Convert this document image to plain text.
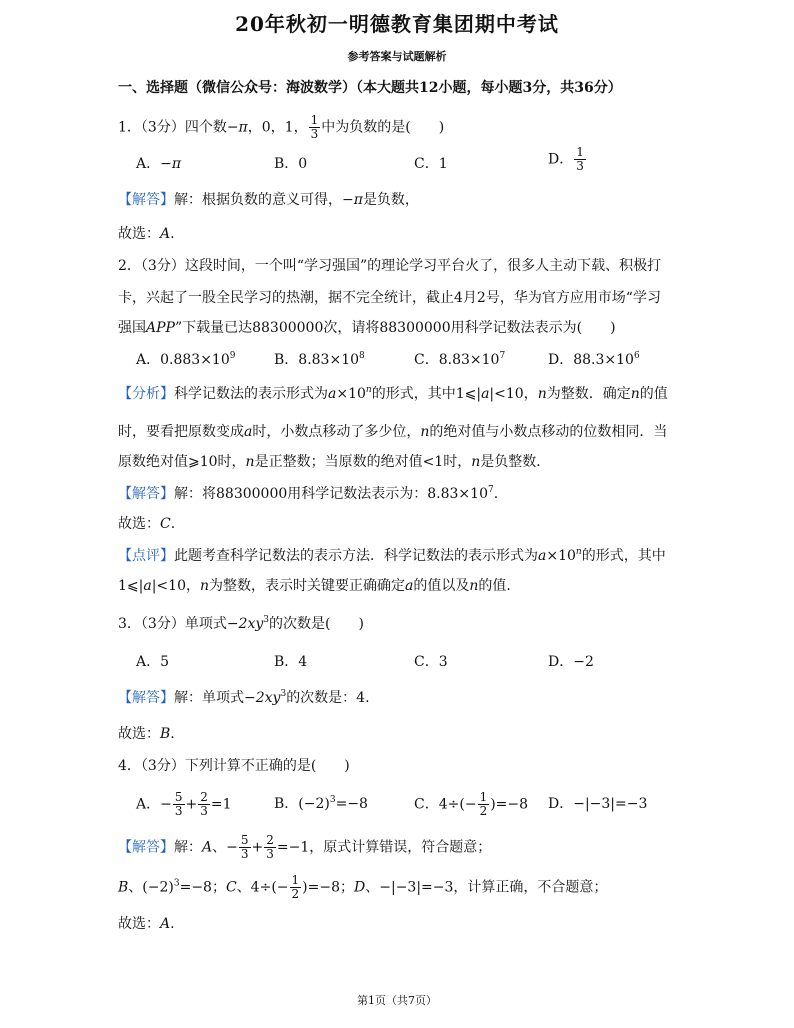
20年秋初一明德教育集团期中考试
参考答案与试题解析
一、选择题（微信公众号：海波数学）（本大题共12小题，每小题3分，共36分）
1．（3分）四个数−π，0，1， $\frac{1}{3}$ 中为负数的是(　　)
A．−π	B．0	C．1	D． $\frac{1}{3}$
【解答】解：根据负数的意义可得，−π是负数，
故选：A.
2．（3分）这段时间，一个叫“学习强国”的理论学习平台火了，很多人主动下载、积极打
卡，兴起了一股全民学习的热潮，据不完全统计，截止4月2号，华为官方应用市场“学习
强国APP”下载量已达88300000次，请将88300000用科学记数法表示为(　　)
A．$0.883\times 10^9$	B．$8.83\times 10^8$	C．$8.83\times 10^7$	D．$88.3\times 10^6$
【分析】科学记数法的表示形式为$a\times 10^n$的形式，其中1⩽|a|<10，n为整数．确定n的值
时，要看把原数变成a时，小数点移动了多少位，n的绝对值与小数点移动的位数相同．当
原数绝对值⩾10时，n是正整数；当原数的绝对值<1时，n是负整数．
【解答】解：将88300000用科学记数法表示为：$8.83\times 10^7$.
故选：C.
【点评】此题考查科学记数法的表示方法．科学记数法的表示形式为$a\times 10^n$的形式，其中
1⩽|a|<10，n为整数，表示时关键要正确确定a的值以及n的值.
3．（3分）单项式$-2xy^3$的次数是(　　)
A．5	B．4	C．3	D．−2
【解答】解：单项式$-2xy^3$的次数是：4.
故选：B.
4．（3分）下列计算不正确的是(　　)
A．− $\frac{5}{3} + \frac{2}{3} =1$	B．$(-2)^3=-8$	C．$4\div(- \frac{1}{2} )=-8$ D．−|−3|=−3
【解答】解：A、− $\frac{5}{3} + \frac{2}{3} =-1$，原式计算错误，符合题意；
B、$(-2)^3=-8$；C、$4\div(- \frac{1}{2} )=-8$；D、−|−3|=−3，计算正确，不合题意；
故选：A.
第1页（共7页）
